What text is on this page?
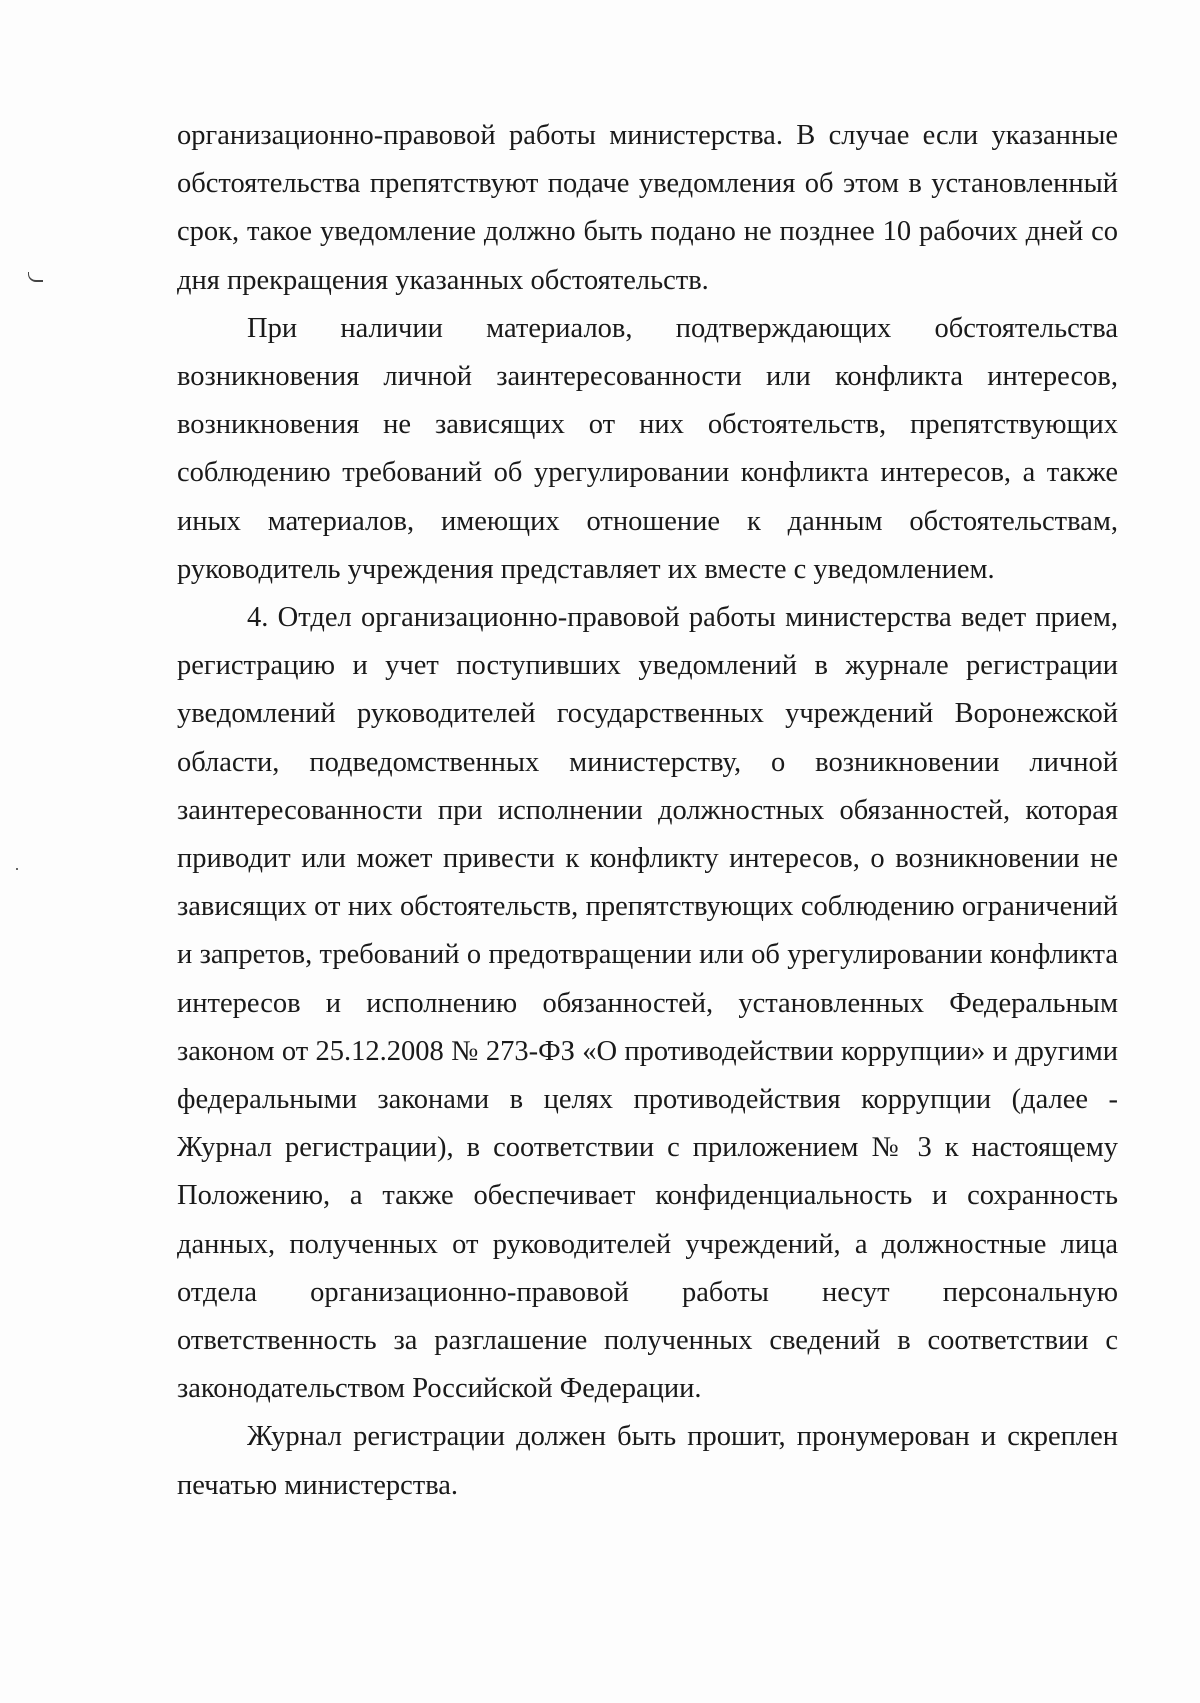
организационно-правовой работы министерства. В случае если указанные обстоятельства препятствуют подаче уведомления об этом в установленный срок, такое уведомление должно быть подано не позднее 10 рабочих дней со дня прекращения указанных обстоятельств.

При наличии материалов, подтверждающих обстоятельства возникновения личной заинтересованности или конфликта интересов, возникновения не зависящих от них обстоятельств, препятствующих соблюдению требований об урегулировании конфликта интересов, а также иных материалов, имеющих отношение к данным обстоятельствам, руководитель учреждения представляет их вместе с уведомлением.

4. Отдел организационно-правовой работы министерства ведет прием, регистрацию и учет поступивших уведомлений в журнале регистрации уведомлений руководителей государственных учреждений Воронежской области, подведомственных министерству, о возникновении личной заинтересованности при исполнении должностных обязанностей, которая приводит или может привести к конфликту интересов, о возникновении не зависящих от них обстоятельств, препятствующих соблюдению ограничений и запретов, требований о предотвращении или об урегулировании конфликта интересов и исполнению обязанностей, установленных Федеральным законом от 25.12.2008 № 273-ФЗ «О противодействии коррупции» и другими федеральными законами в целях противодействия коррупции (далее - Журнал регистрации), в соответствии с приложением № 3 к настоящему Положению, а также обеспечивает конфиденциальность и сохранность данных, полученных от руководителей учреждений, а должностные лица отдела организационно-правовой работы несут персональную ответственность за разглашение полученных сведений в соответствии с законодательством Российской Федерации.

Журнал регистрации должен быть прошит, пронумерован и скреплен печатью министерства.
